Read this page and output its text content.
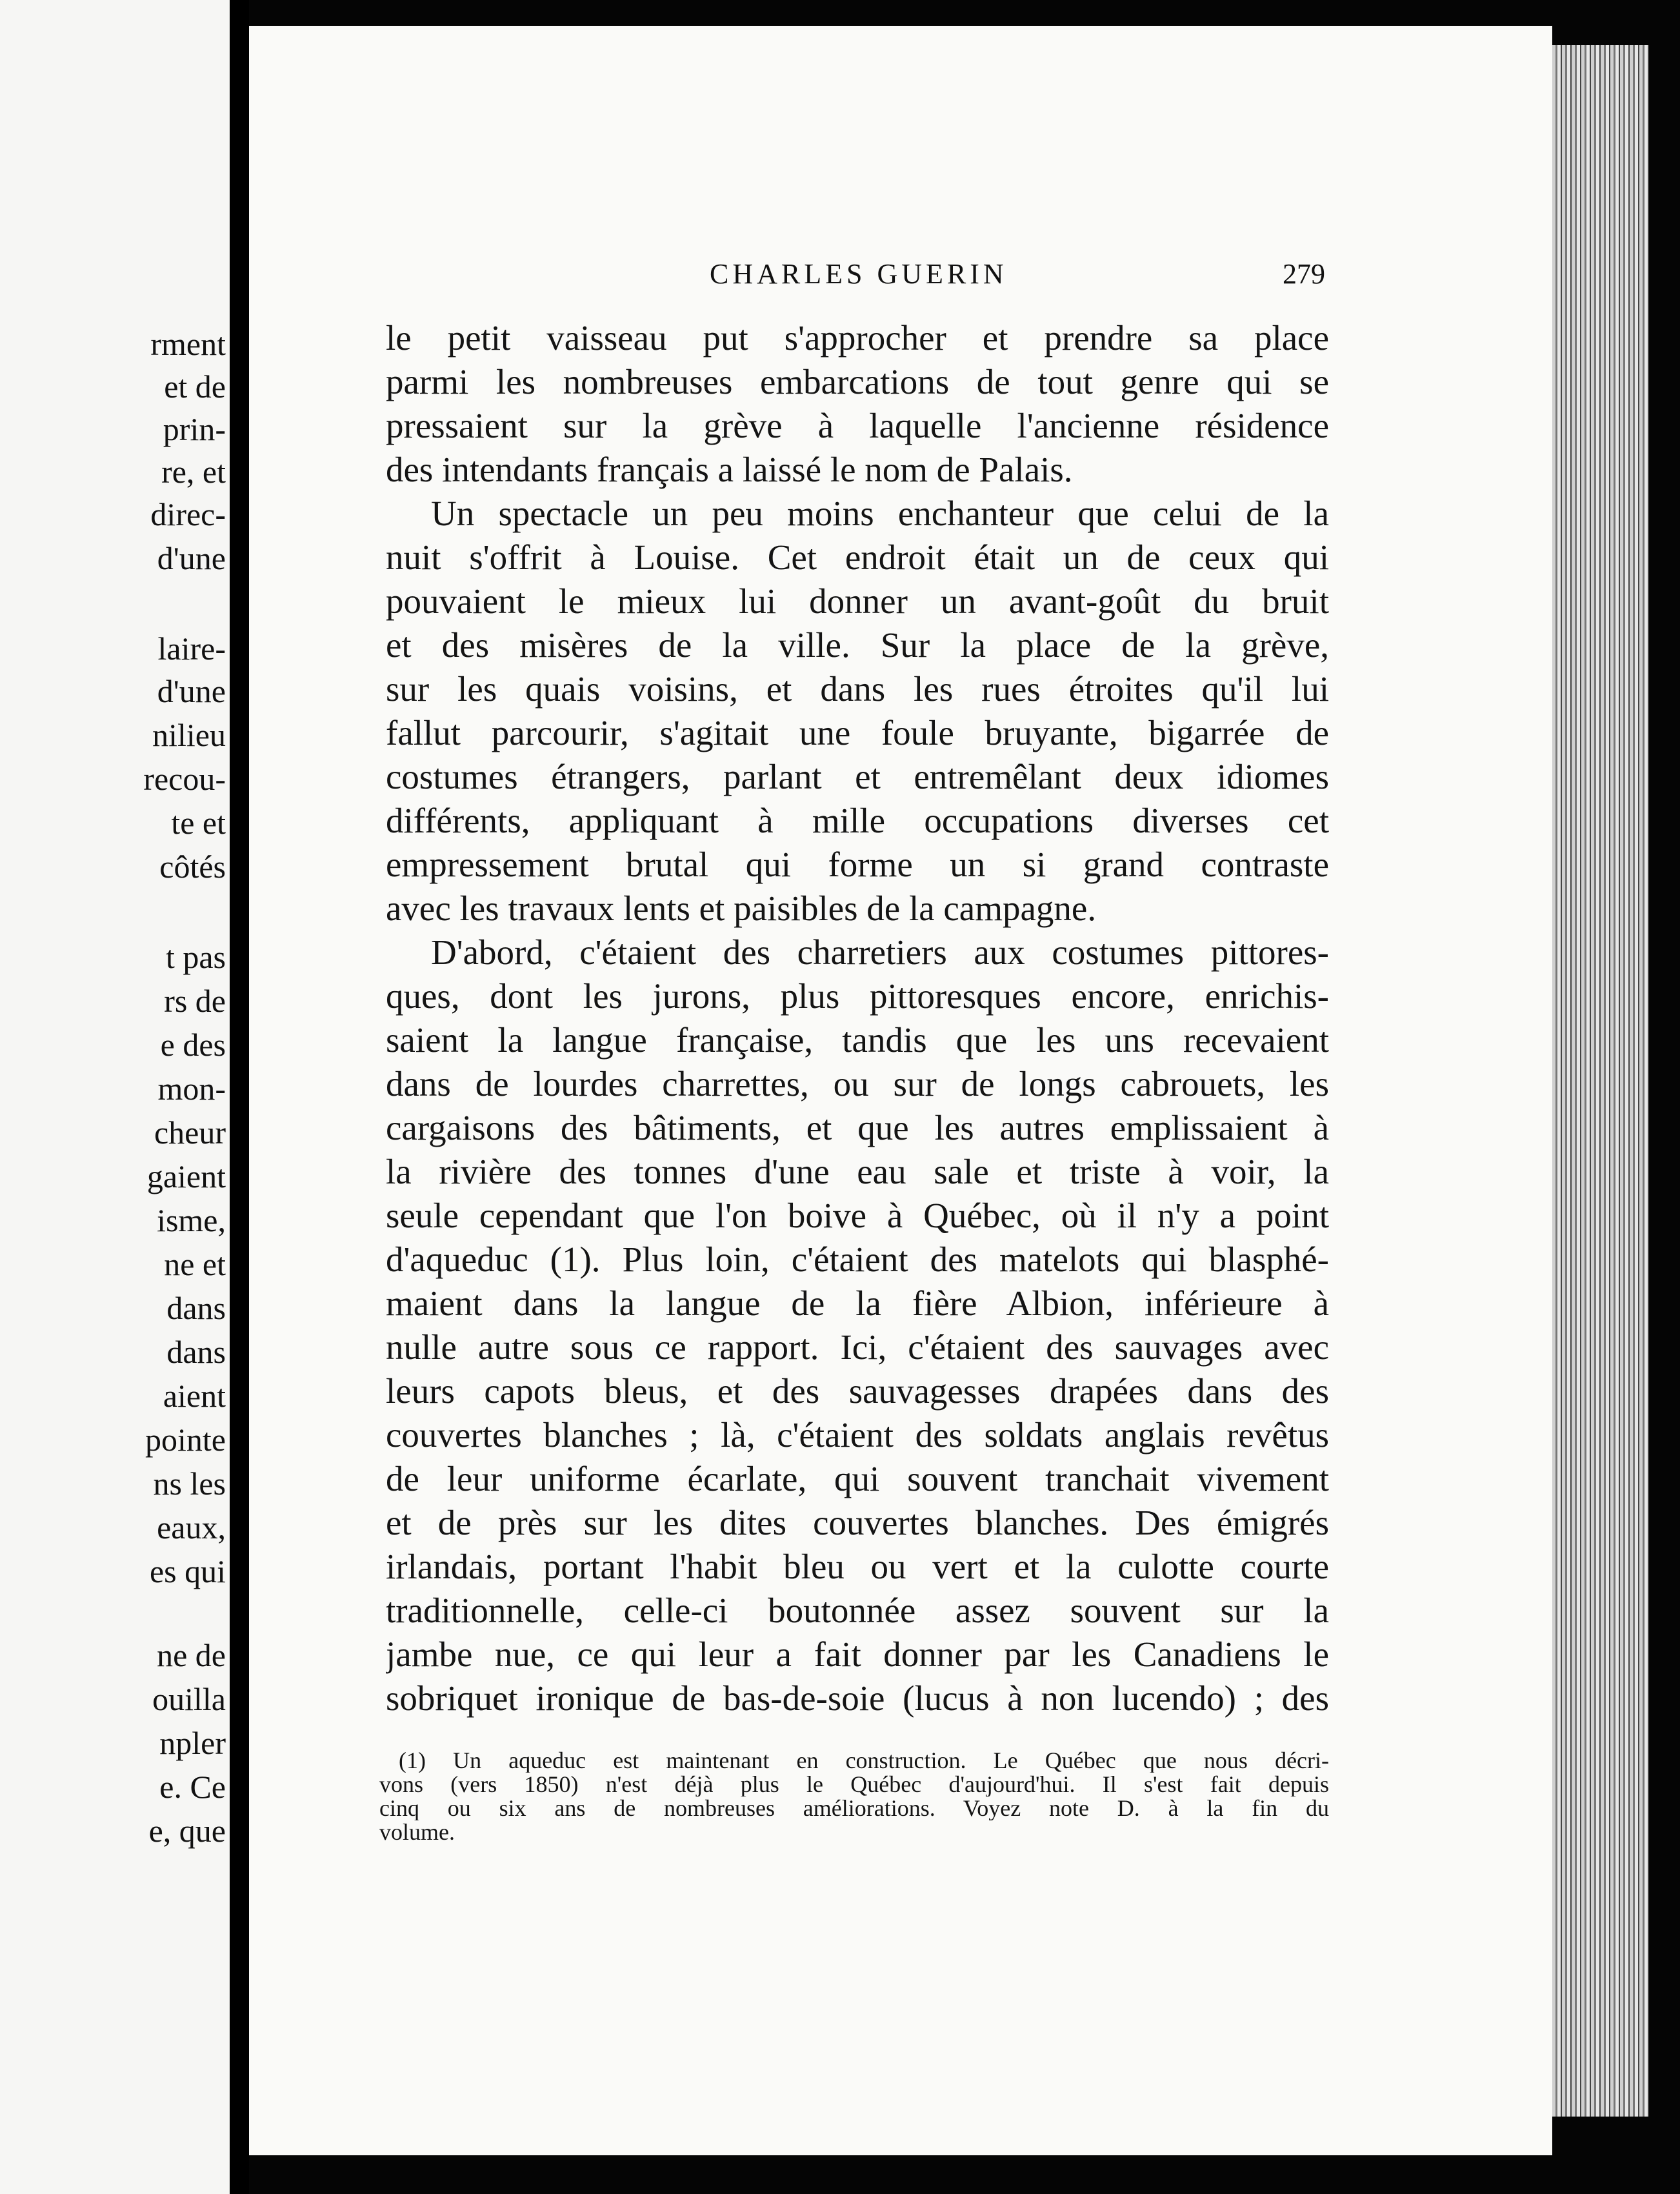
rment
et de
prin-
re, et
direc-
d'une
laire-
d'une
nilieu
recou-
te et
côtés
t pas
rs de
e des
mon-
cheur
gaient
isme,
ne et
dans
dans
aient
pointe
ns les
eaux,
es qui
ne de
ouilla
npler
e. Ce
e, que
CHARLES GUERIN	279
le petit vaisseau put s'approcher et prendre sa place
parmi les nombreuses embarcations de tout genre qui se
pressaient sur la grève à laquelle l'ancienne résidence
des intendants français a laissé le nom de Palais.
Un spectacle un peu moins enchanteur que celui de la
nuit s'offrit à Louise. Cet endroit était un de ceux qui
pouvaient le mieux lui donner un avant-goût du bruit
et des misères de la ville. Sur la place de la grève,
sur les quais voisins, et dans les rues étroites qu'il lui
fallut parcourir, s'agitait une foule bruyante, bigarrée de
costumes étrangers, parlant et entremêlant deux idiomes
différents, appliquant à mille occupations diverses cet
empressement brutal qui forme un si grand contraste
avec les travaux lents et paisibles de la campagne.
D'abord, c'étaient des charretiers aux costumes pittores-
ques, dont les jurons, plus pittoresques encore, enrichis-
saient la langue française, tandis que les uns recevaient
dans de lourdes charrettes, ou sur de longs cabrouets, les
cargaisons des bâtiments, et que les autres emplissaient à
la rivière des tonnes d'une eau sale et triste à voir, la
seule cependant que l'on boive à Québec, où il n'y a point
d'aqueduc (1). Plus loin, c'étaient des matelots qui blasphé-
maient dans la langue de la fière Albion, inférieure à
nulle autre sous ce rapport. Ici, c'étaient des sauvages avec
leurs capots bleus, et des sauvagesses drapées dans des
couvertes blanches ; là, c'étaient des soldats anglais revêtus
de leur uniforme écarlate, qui souvent tranchait vivement
et de près sur les dites couvertes blanches. Des émigrés
irlandais, portant l'habit bleu ou vert et la culotte courte
traditionnelle, celle-ci boutonnée assez souvent sur la
jambe nue, ce qui leur a fait donner par les Canadiens le
sobriquet ironique de bas-de-soie (lucus à non lucendo) ; des
(1) Un aqueduc est maintenant en construction. Le Québec que nous décri-
vons (vers 1850) n'est déjà plus le Québec d'aujourd'hui. Il s'est fait depuis
cinq ou six ans de nombreuses améliorations. Voyez note D. à la fin du
volume.
